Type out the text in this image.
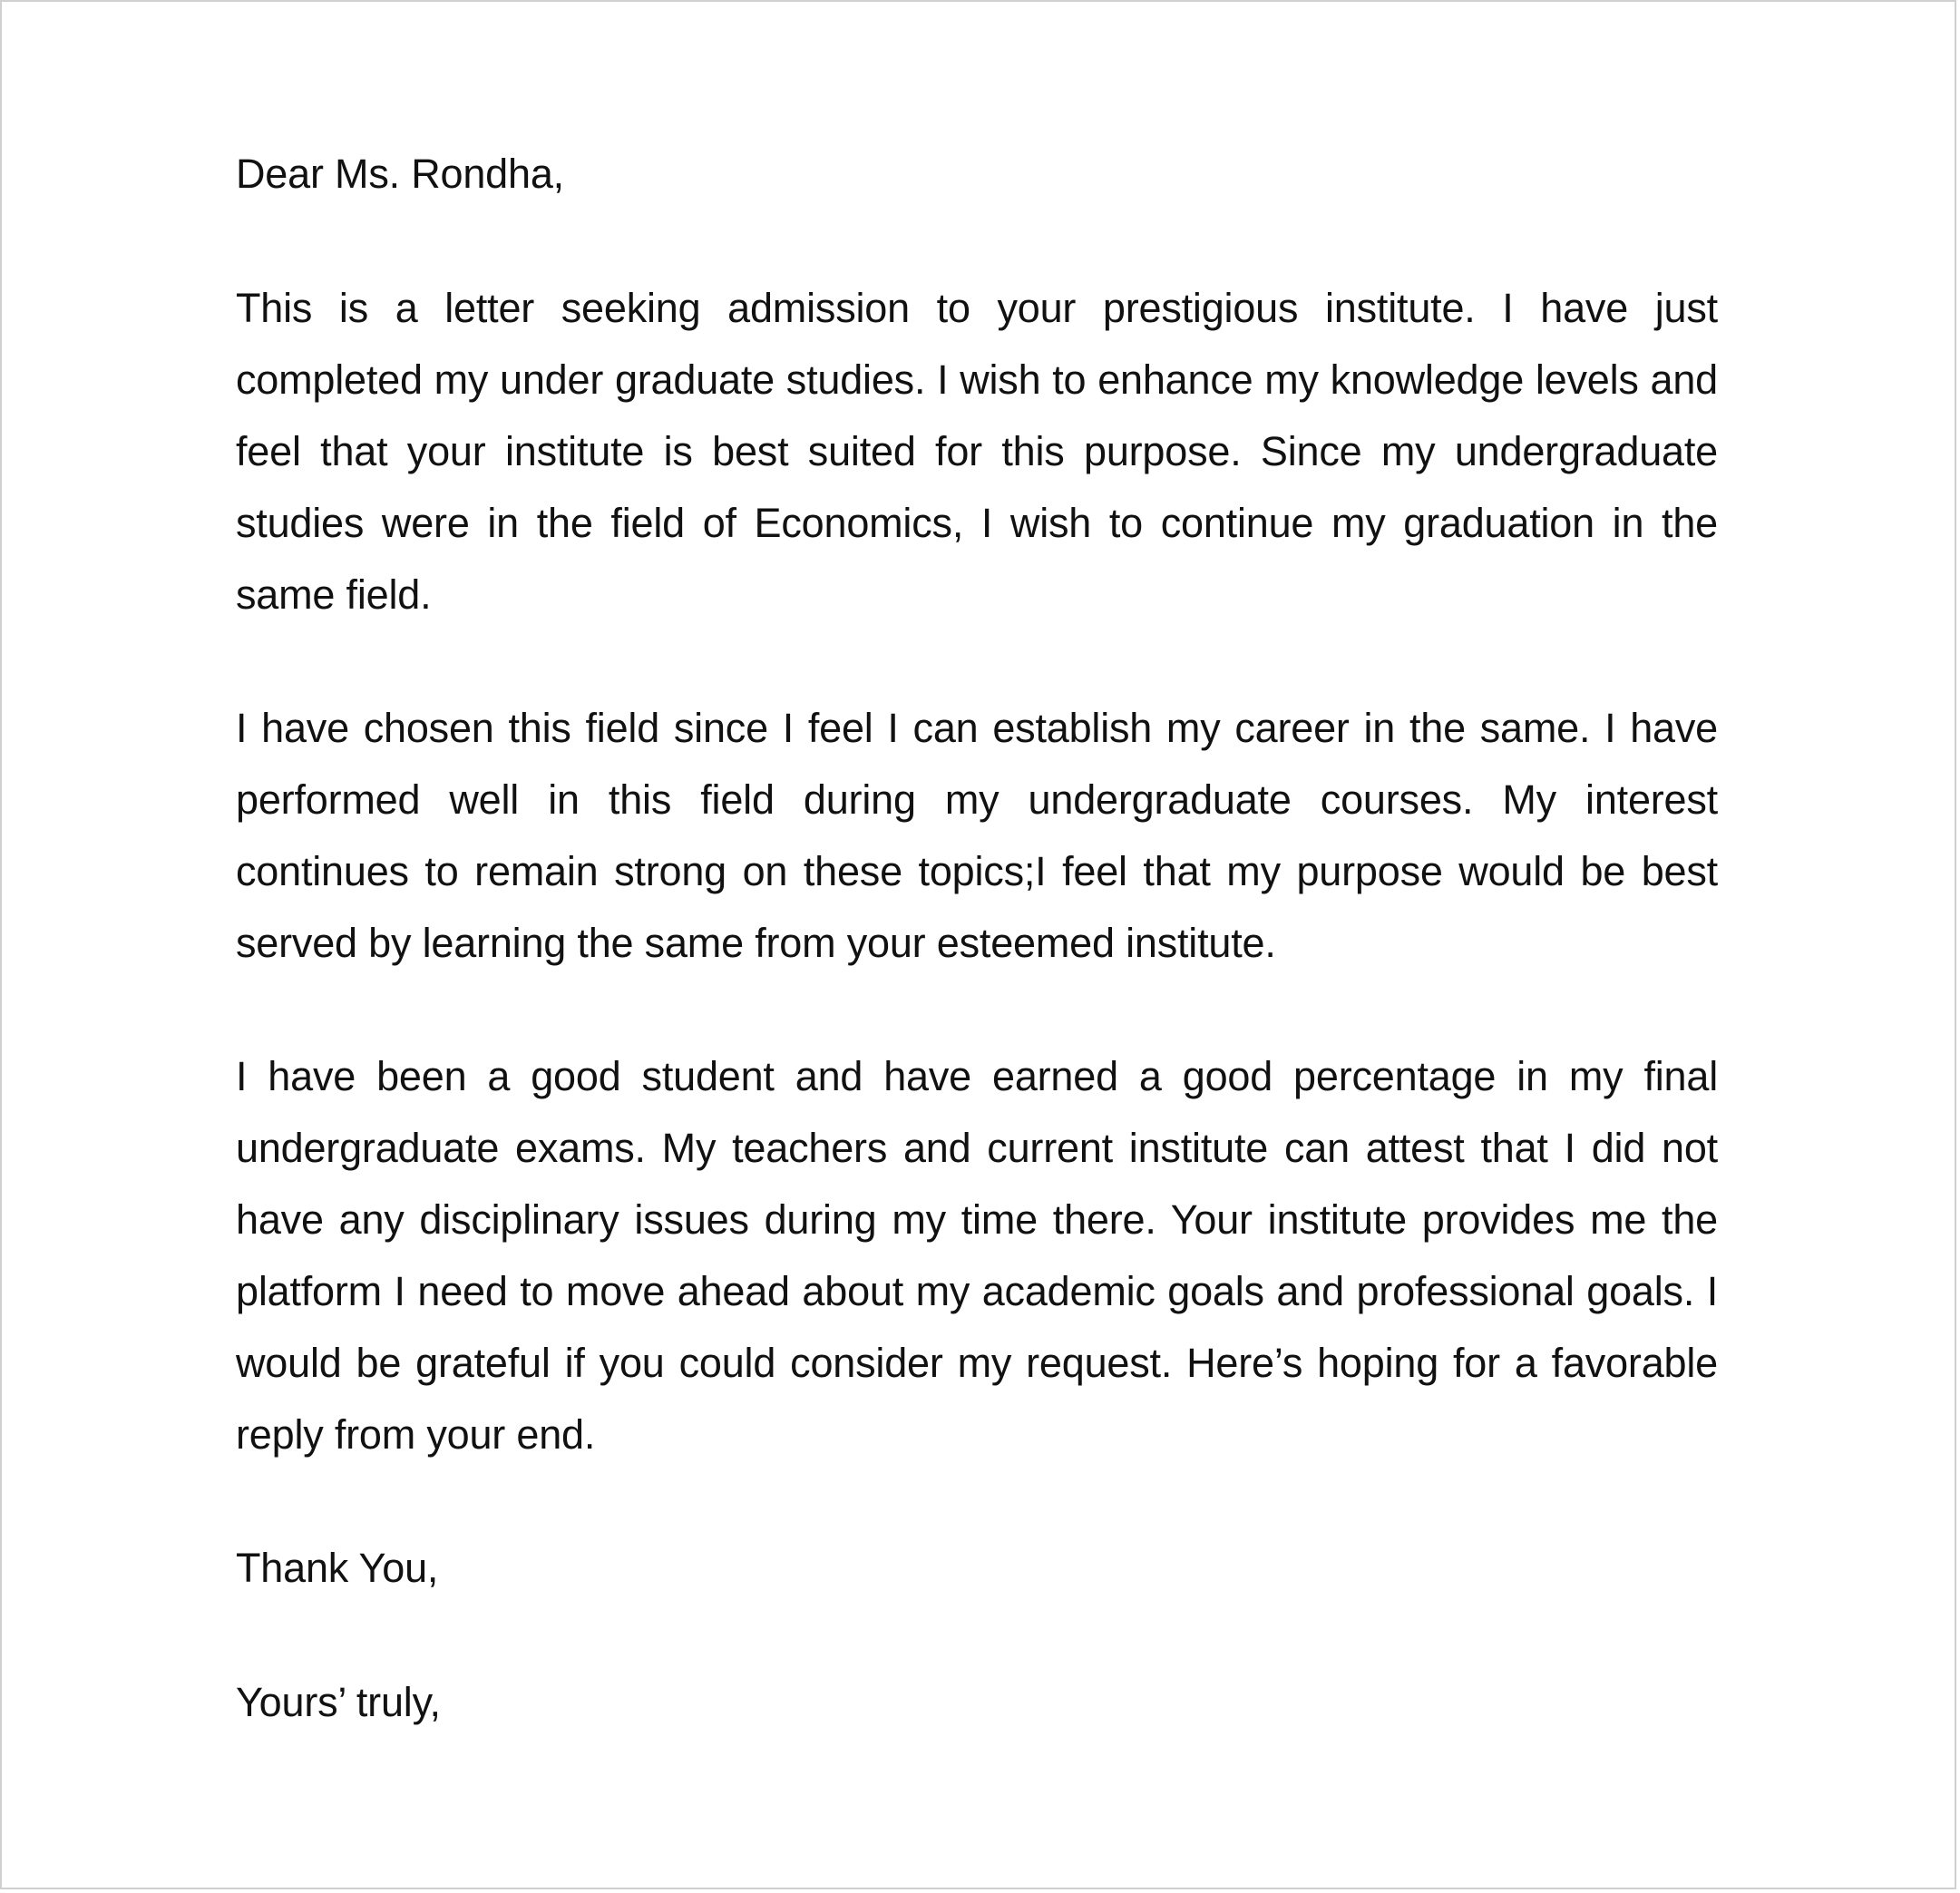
Dear Ms. Rondha,

This is a letter seeking admission to your prestigious institute. I have just completed my under graduate studies. I wish to enhance my knowledge levels and feel that your institute is best suited for this purpose. Since my undergraduate studies were in the field of Economics, I wish to continue my graduation in the same field.

I have chosen this field since I feel I can establish my career in the same. I have performed well in this field during my undergraduate courses. My interest continues to remain strong on these topics;I feel that my purpose would be best served by learning the same from your esteemed institute.

I have been a good student and have earned a good percentage in my final undergraduate exams. My teachers and current institute can attest that I did not have any disciplinary issues during my time there. Your institute provides me the platform I need to move ahead about my academic goals and professional goals. I would be grateful if you could consider my request. Here’s hoping for a favorable reply from your end.

Thank You,

Yours’ truly,
